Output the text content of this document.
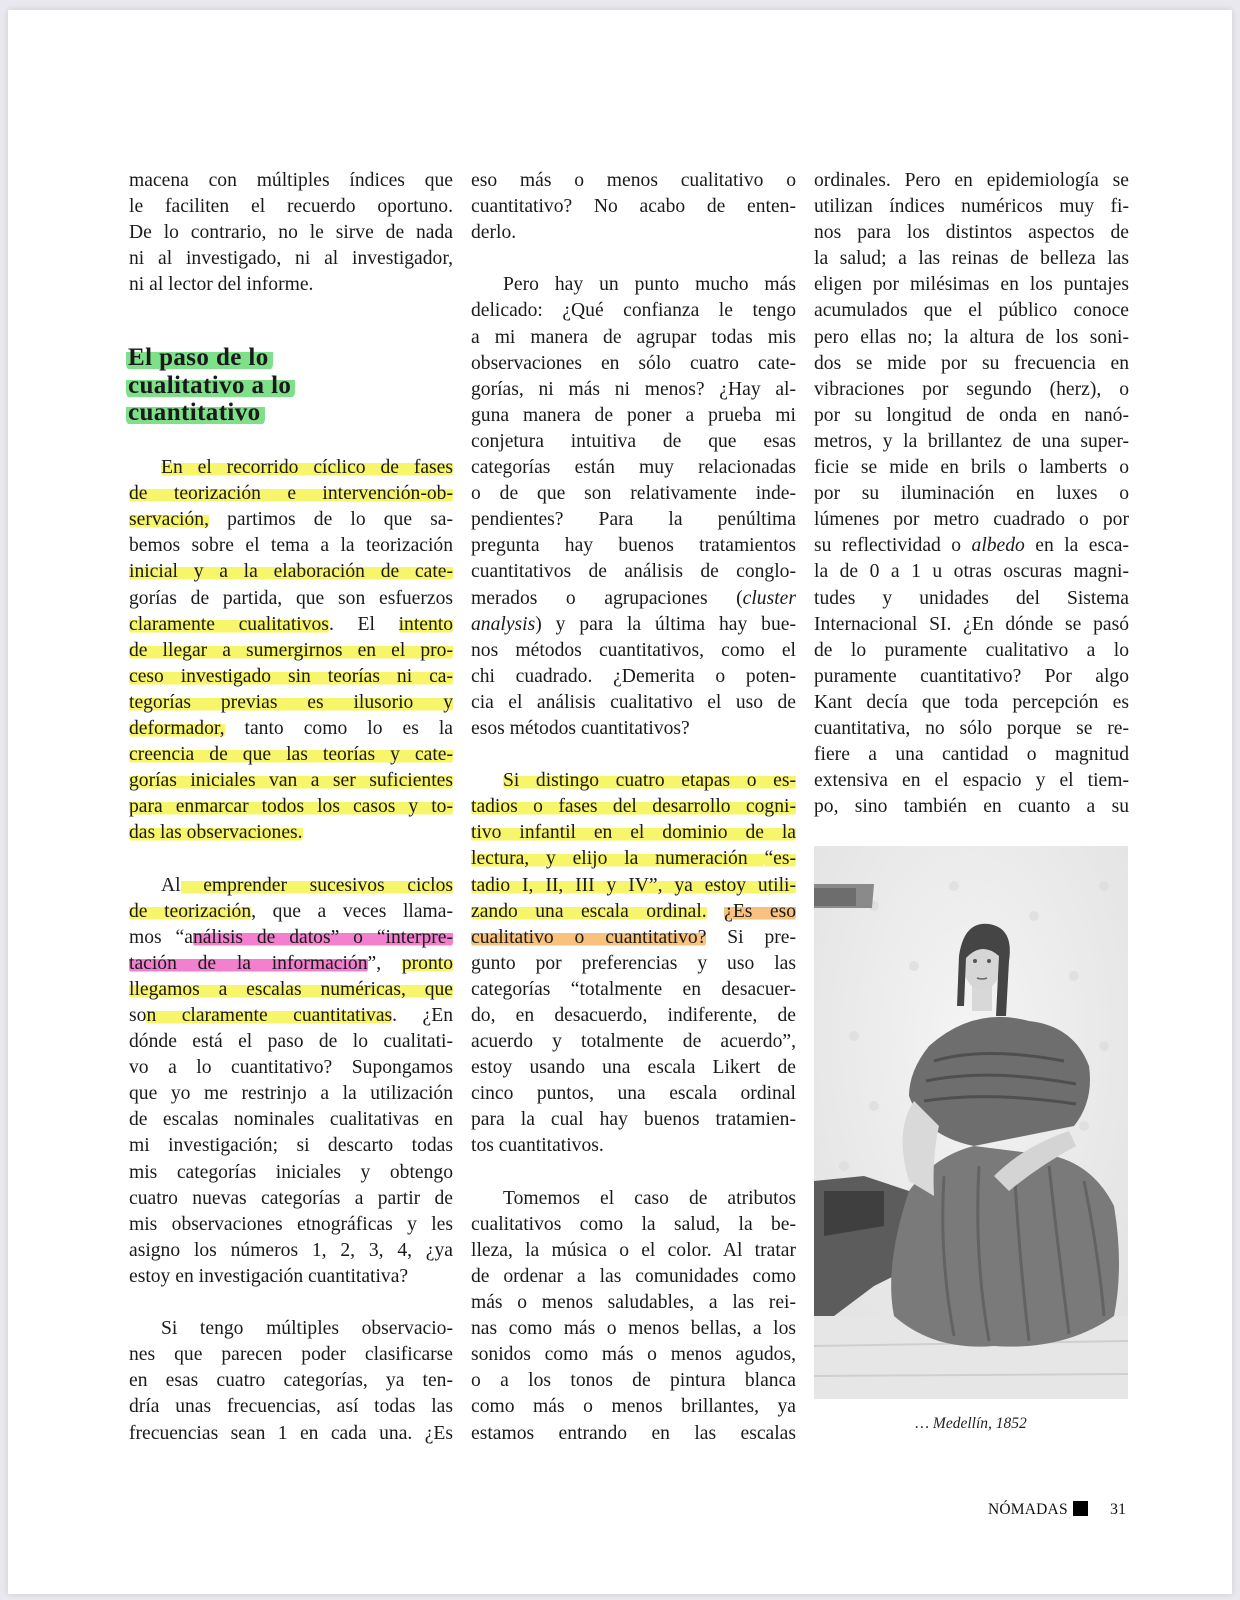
macena con múltiples índices que
le faciliten el recuerdo oportuno.
De lo contrario, no le sirve de nada
ni al investigado, ni al investigador,
ni al lector del informe.
En el recorrido cíclico de fases
de teorización e intervención-ob-
servación, partimos de lo que sa-
bemos sobre el tema a la teorización
inicial y a la elaboración de cate-
gorías de partida, que son esfuerzos
claramente cualitativos. El intento
de llegar a sumergirnos en el pro-
ceso investigado sin teorías ni ca-
tegorías previas es ilusorio y
deformador, tanto como lo es la
creencia de que las teorías y cate-
gorías iniciales van a ser suficientes
para enmarcar todos los casos y to-
das las observaciones.
Al emprender sucesivos ciclos
de teorización, que a veces llama-
mos “análisis de datos” o “interpre-
tación de la información”, pronto
llegamos a escalas numéricas, que
son claramente cuantitativas. ¿En
dónde está el paso de lo cualitati-
vo a lo cuantitativo? Supongamos
que yo me restrinjo a la utilización
de escalas nominales cualitativas en
mi investigación; si descarto todas
mis categorías iniciales y obtengo
cuatro nuevas categorías a partir de
mis observaciones etnográficas y les
asigno los números 1, 2, 3, 4, ¿ya
estoy en investigación cuantitativa?
Si tengo múltiples observacio-
nes que parecen poder clasificarse
en esas cuatro categorías, ya ten-
dría unas frecuencias, así todas las
frecuencias sean 1 en cada una. ¿Es
El paso de lo
cualitativo a lo
cuantitativo
eso más o menos cualitativo o
cuantitativo? No acabo de enten-
derlo.
Pero hay un punto mucho más
delicado: ¿Qué confianza le tengo
a mi manera de agrupar todas mis
observaciones en sólo cuatro cate-
gorías, ni más ni menos? ¿Hay al-
guna manera de poner a prueba mi
conjetura intuitiva de que esas
categorías están muy relacionadas
o de que son relativamente inde-
pendientes? Para la penúltima
pregunta hay buenos tratamientos
cuantitativos de análisis de conglo-
merados o agrupaciones (cluster
analysis) y para la última hay bue-
nos métodos cuantitativos, como el
chi cuadrado. ¿Demerita o poten-
cia el análisis cualitativo el uso de
esos métodos cuantitativos?
Si distingo cuatro etapas o es-
tadios o fases del desarrollo cogni-
tivo infantil en el dominio de la
lectura, y elijo la numeración “es-
tadio I, II, III y IV”, ya estoy utili-
zando una escala ordinal. ¿Es eso
cualitativo o cuantitativo? Si pre-
gunto por preferencias y uso las
categorías “totalmente en desacuer-
do, en desacuerdo, indiferente, de
acuerdo y totalmente de acuerdo”,
estoy usando una escala Likert de
cinco puntos, una escala ordinal
para la cual hay buenos tratamien-
tos cuantitativos.
Tomemos el caso de atributos
cualitativos como la salud, la be-
lleza, la música o el color. Al tratar
de ordenar a las comunidades como
más o menos saludables, a las rei-
nas como más o menos bellas, a los
sonidos como más o menos agudos,
o a los tonos de pintura blanca
como más o menos brillantes, ya
estamos entrando en las escalas
ordinales. Pero en epidemiología se
utilizan índices numéricos muy fi-
nos para los distintos aspectos de
la salud; a las reinas de belleza las
eligen por milésimas en los puntajes
acumulados que el público conoce
pero ellas no; la altura de los soni-
dos se mide por su frecuencia en
vibraciones por segundo (herz), o
por su longitud de onda en nanó-
metros, y la brillantez de una super-
ficie se mide en brils o lamberts o
por su iluminación en luxes o
lúmenes por metro cuadrado o por
su reflectividad o albedo en la esca-
la de 0 a 1 u otras oscuras magni-
tudes y unidades del Sistema
Internacional SI. ¿En dónde se pasó
de lo puramente cualitativo a lo
puramente cuantitativo? Por algo
Kant decía que toda percepción es
cuantitativa, no sólo porque se re-
fiere a una cantidad o magnitud
extensiva en el espacio y el tiem-
po, sino también en cuanto a su
… Medellín, 1852
NÓMADAS	31
